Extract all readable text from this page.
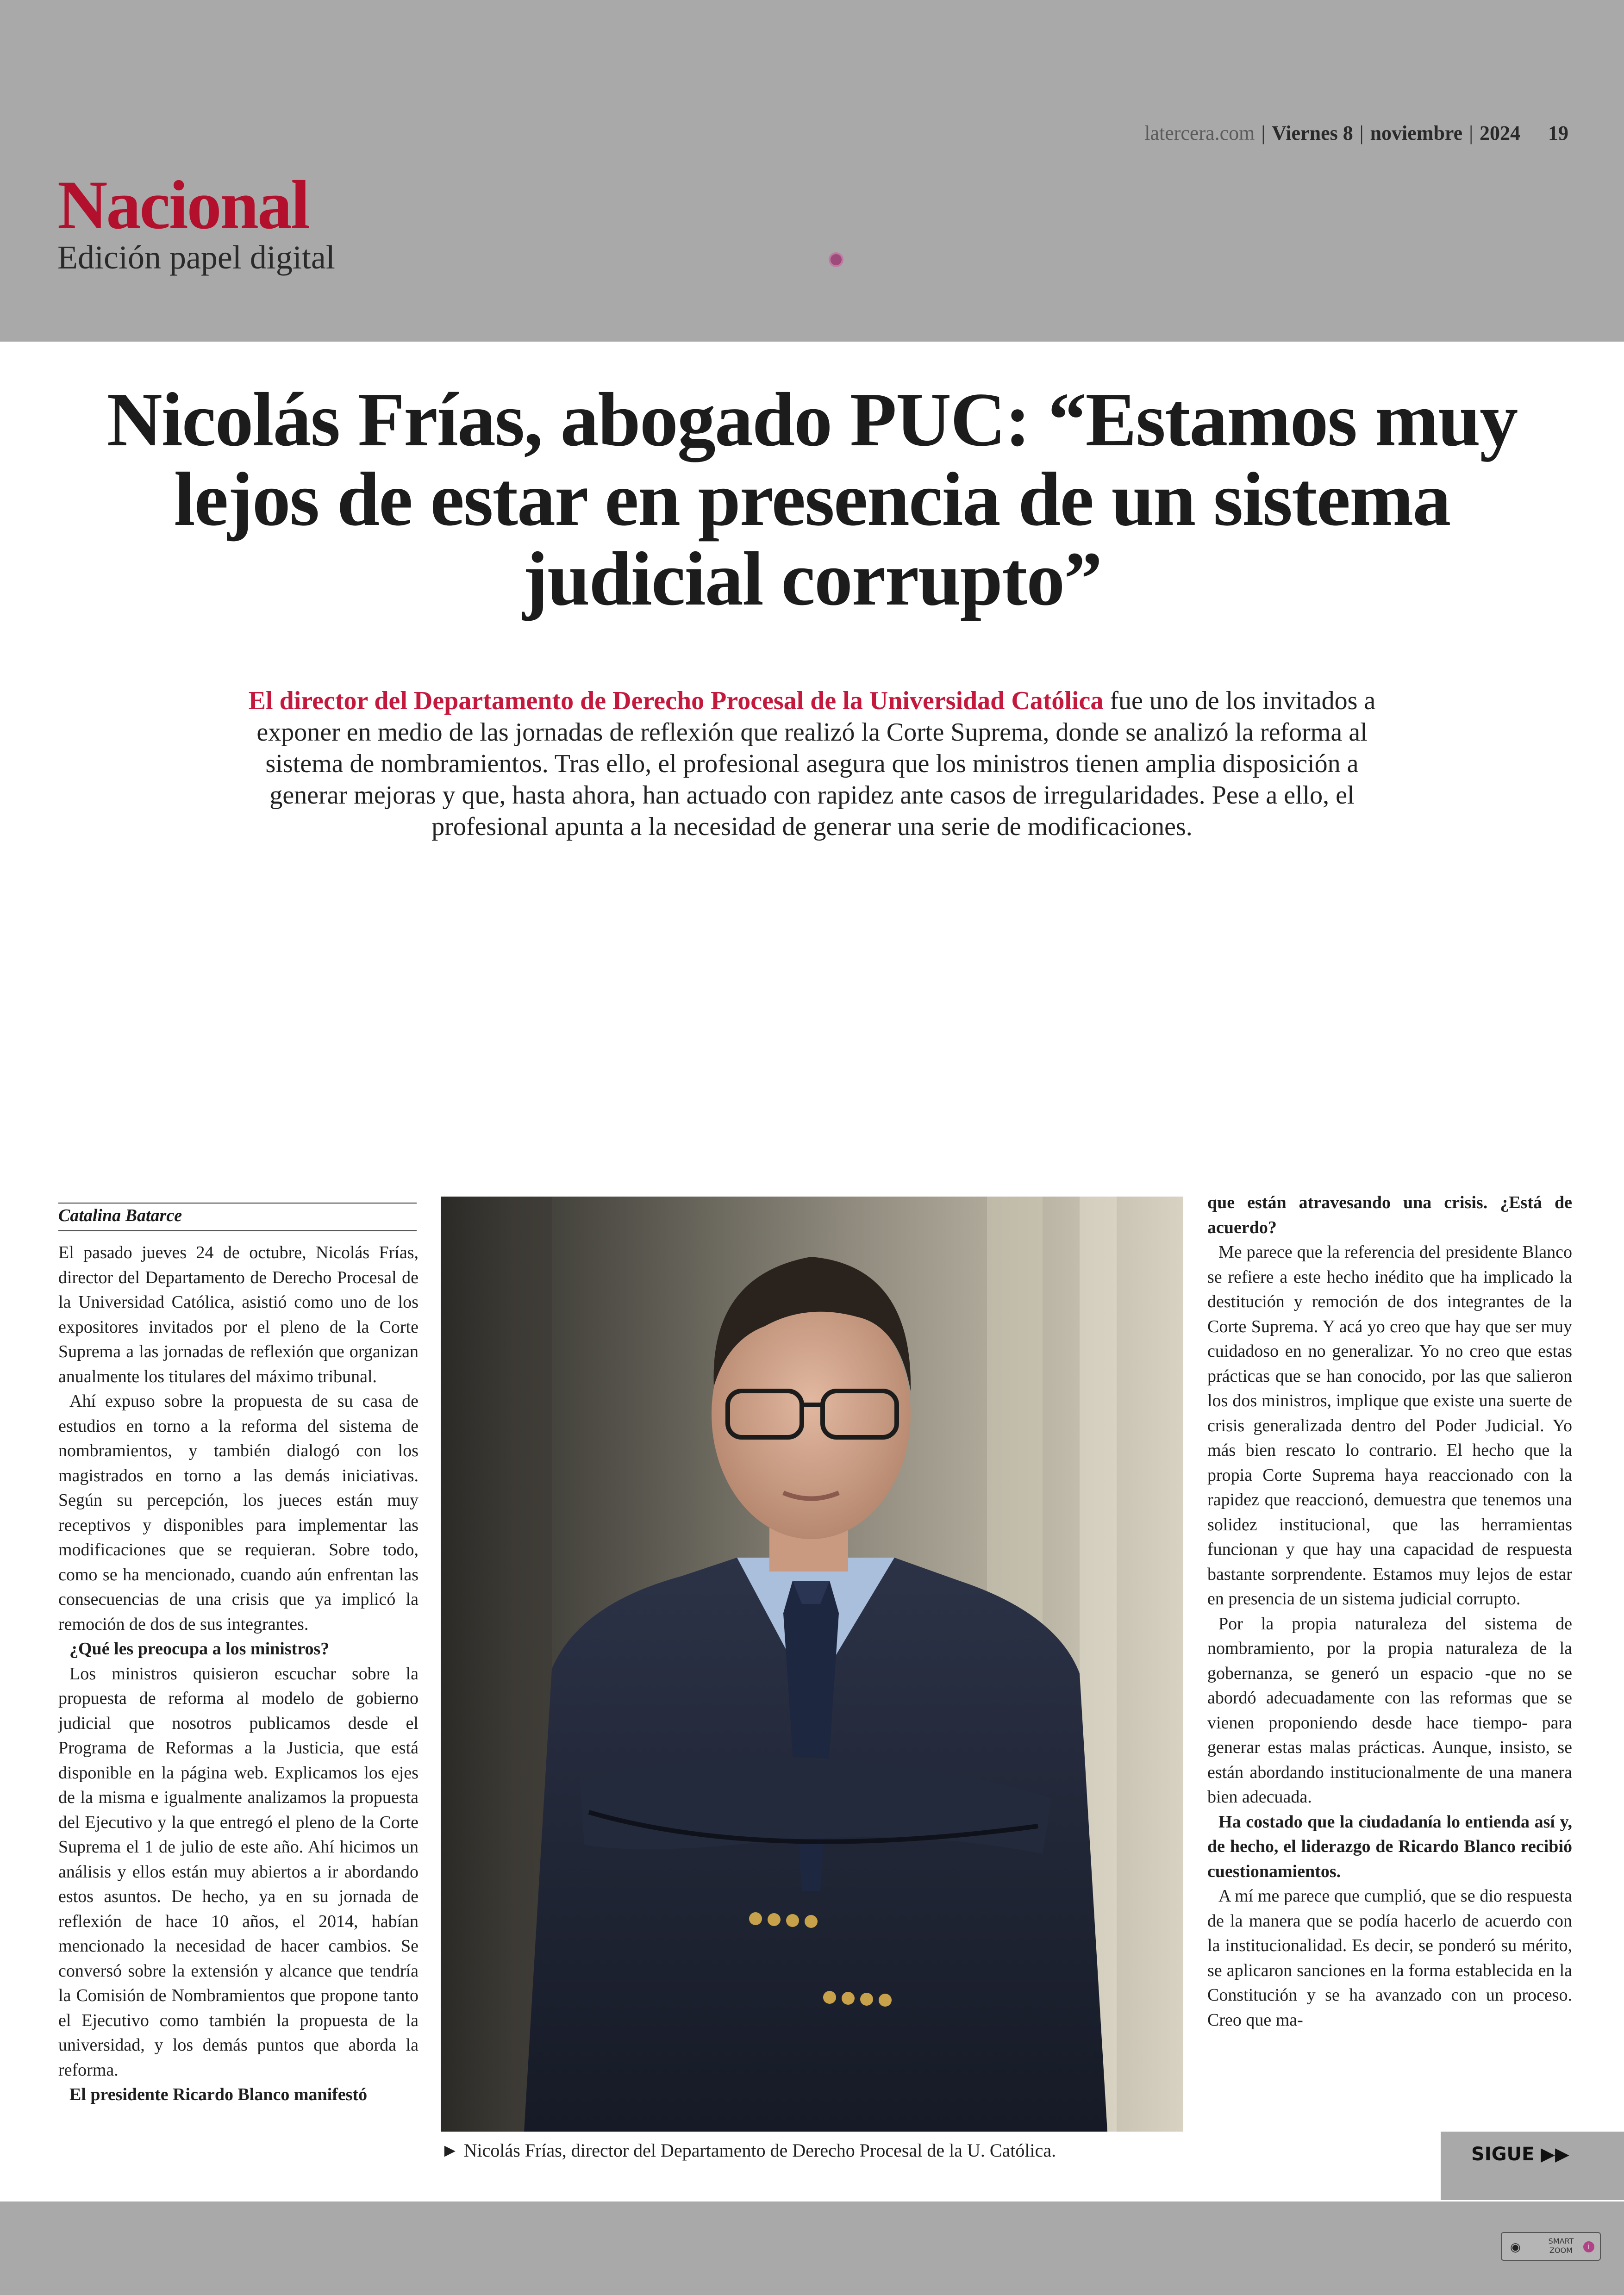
latercera.com | Viernes 8 | noviembre | 2024 19
Nacional
Edición papel digital
Nicolás Frías, abogado PUC: “Estamos muy lejos de estar en presencia de un sistema judicial corrupto”

El director del Departamento de Derecho Procesal de la Universidad Católica fue uno de los invitados a exponer en medio de las jornadas de reflexión que realizó la Corte Suprema, donde se analizó la reforma al sistema de nombramientos. Tras ello, el profesional asegura que los ministros tienen amplia disposición a generar mejoras y que, hasta ahora, han actuado con rapidez ante casos de irregularidades. Pese a ello, el profesional apunta a la necesidad de generar una serie de modificaciones.

Catalina Batarce

El pasado jueves 24 de octubre, Nicolás Frías, director del Departamento de Derecho Procesal de la Universidad Católica, asistió como uno de los expositores invitados por el pleno de la Corte Suprema a las jornadas de reflexión que organizan anualmente los titulares del máximo tribunal.

Ahí expuso sobre la propuesta de su casa de estudios en torno a la reforma del sistema de nombramientos, y también dialogó con los magistrados en torno a las demás iniciativas. Según su percepción, los jueces están muy receptivos y disponibles para implementar las modificaciones que se requieran. Sobre todo, como se ha mencionado, cuando aún enfrentan las consecuencias de una crisis que ya implicó la remoción de dos de sus integrantes.

¿Qué les preocupa a los ministros?

Los ministros quisieron escuchar sobre la propuesta de reforma al modelo de gobierno judicial que nosotros publicamos desde el Programa de Reformas a la Justicia, que está disponible en la página web. Explicamos los ejes de la misma e igualmente analizamos la propuesta del Ejecutivo y la que entregó el pleno de la Corte Suprema el 1 de julio de este año. Ahí hicimos un análisis y ellos están muy abiertos a ir abordando estos asuntos. De hecho, ya en su jornada de reflexión de hace 10 años, el 2014, habían mencionado la necesidad de hacer cambios. Se conversó sobre la extensión y alcance que tendría la Comisión de Nombramientos que propone tanto el Ejecutivo como también la propuesta de la universidad, y los demás puntos que aborda la reforma.

El presidente Ricardo Blanco manifestó

► Nicolás Frías, director del Departamento de Derecho Procesal de la U. Católica.

que están atravesando una crisis. ¿Está de acuerdo?

Me parece que la referencia del presidente Blanco se refiere a este hecho inédito que ha implicado la destitución y remoción de dos integrantes de la Corte Suprema. Y acá yo creo que hay que ser muy cuidadoso en no generalizar. Yo no creo que estas prácticas que se han conocido, por las que salieron los dos ministros, implique que existe una suerte de crisis generalizada dentro del Poder Judicial. Yo más bien rescato lo contrario. El hecho que la propia Corte Suprema haya reaccionado con la rapidez que reaccionó, demuestra que tenemos una solidez institucional, que las herramientas funcionan y que hay una capacidad de respuesta bastante sorprendente. Estamos muy lejos de estar en presencia de un sistema judicial corrupto.

Por la propia naturaleza del sistema de nombramiento, por la propia naturaleza de la gobernanza, se generó un espacio -que no se abordó adecuadamente con las reformas que se vienen proponiendo desde hace tiempo- para generar estas malas prácticas. Aunque, insisto, se están abordando institucionalmente de una manera bien adecuada.

Ha costado que la ciudadanía lo entienda así y, de hecho, el liderazgo de Ricardo Blanco recibió cuestionamientos.

A mí me parece que cumplió, que se dio respuesta de la manera que se podía hacerlo de acuerdo con la institucionalidad. Es decir, se ponderó su mérito, se aplicaron sanciones en la forma establecida en la Constitución y se ha avanzado con un proceso. Creo que ma-

SIGUE ▶▶
◉	SMART
ZOOM	i
